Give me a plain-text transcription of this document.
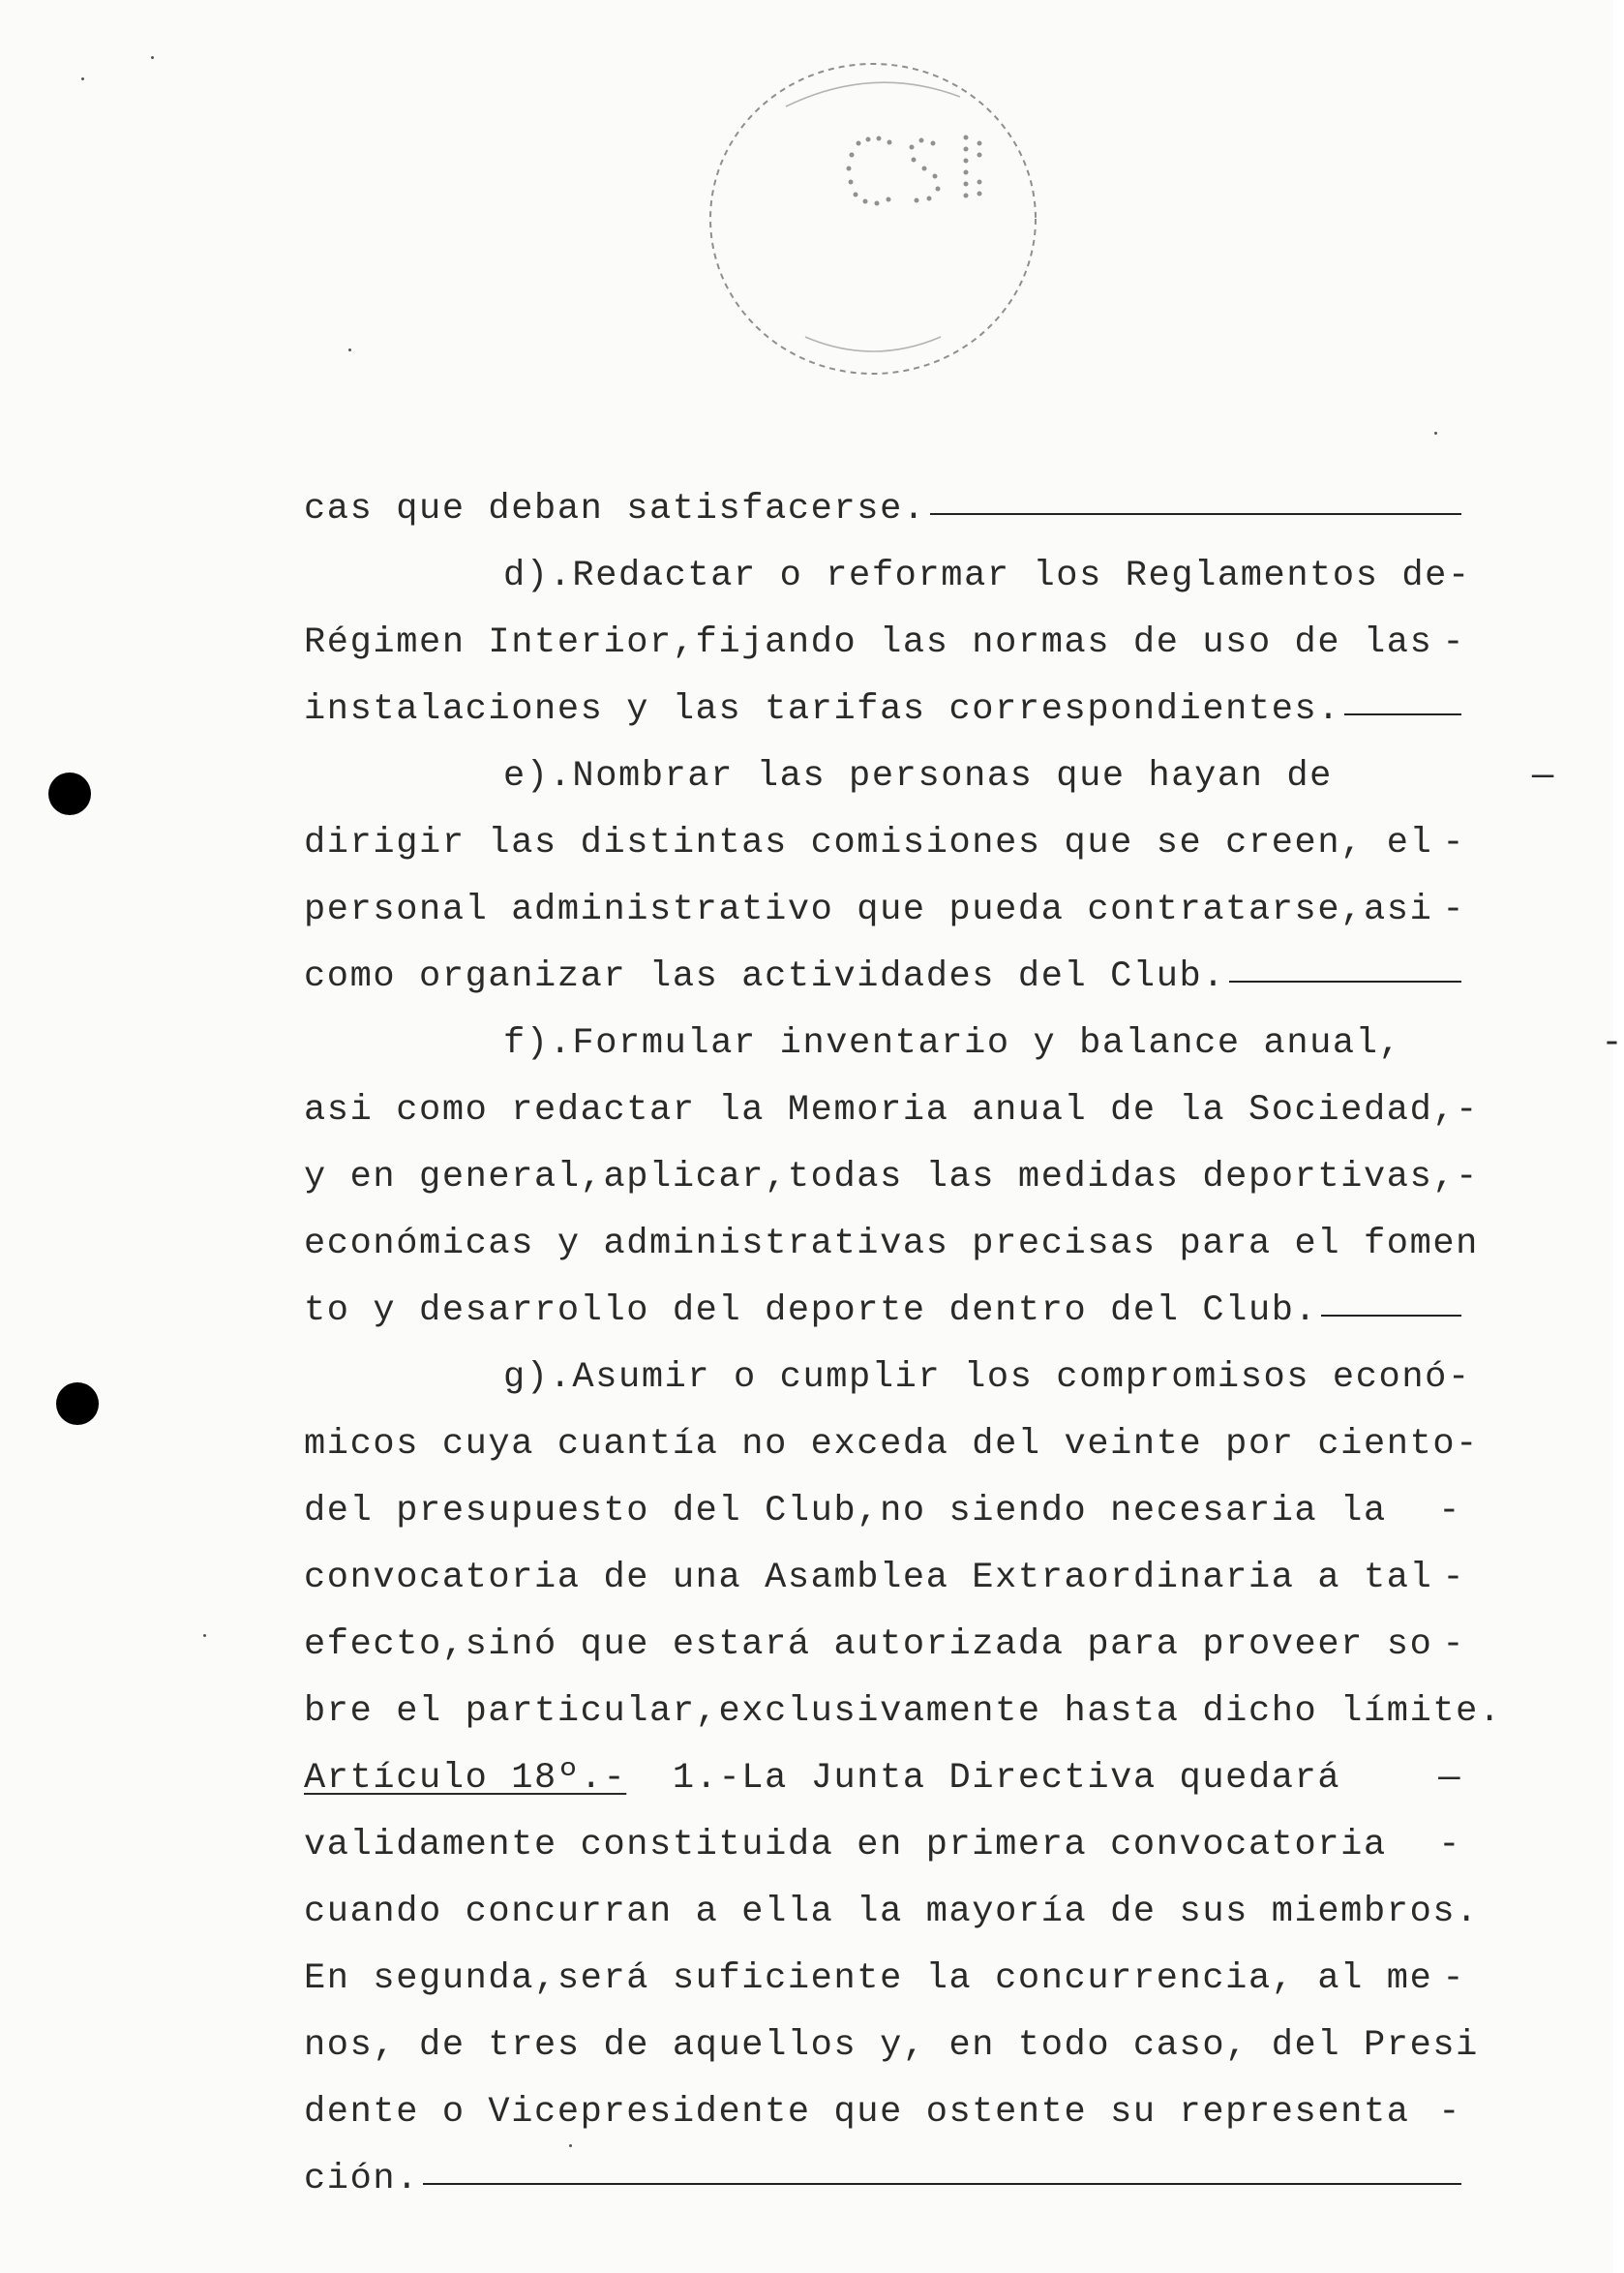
cas que deban satisfacerse.
d).Redactar o reformar los Reglamentos de-
Régimen Interior,fijando las normas de uso de las -
instalaciones y las tarifas correspondientes.
e).Nombrar las personas que hayan de	—
dirigir las distintas comisiones que se creen, el -
personal administrativo que pueda contratarse,asi -
como organizar las actividades del Club.
f).Formular inventario y balance anual,	-
asi como redactar la Memoria anual de la Sociedad,-
y en general,aplicar,todas las medidas deportivas,-
económicas y administrativas precisas para el fomen
to y desarrollo del deporte dentro del Club.
g).Asumir o cumplir los compromisos econó-
micos cuya cuantía no exceda del veinte por ciento-
del presupuesto del Club,no siendo necesaria la -
convocatoria de una Asamblea Extraordinaria a tal -
efecto,sinó que estará autorizada para proveer so -
bre el particular,exclusivamente hasta dicho límite.
Artículo 18º.-
1.-La Junta Directiva quedará	—
validamente constituida en primera convocatoria -
cuando concurran a ella la mayoría de sus miembros.
En segunda,será suficiente la concurrencia, al me -
nos, de tres de aquellos y, en todo caso, del Presi
dente o Vicepresidente que ostente su representa -
ción.
